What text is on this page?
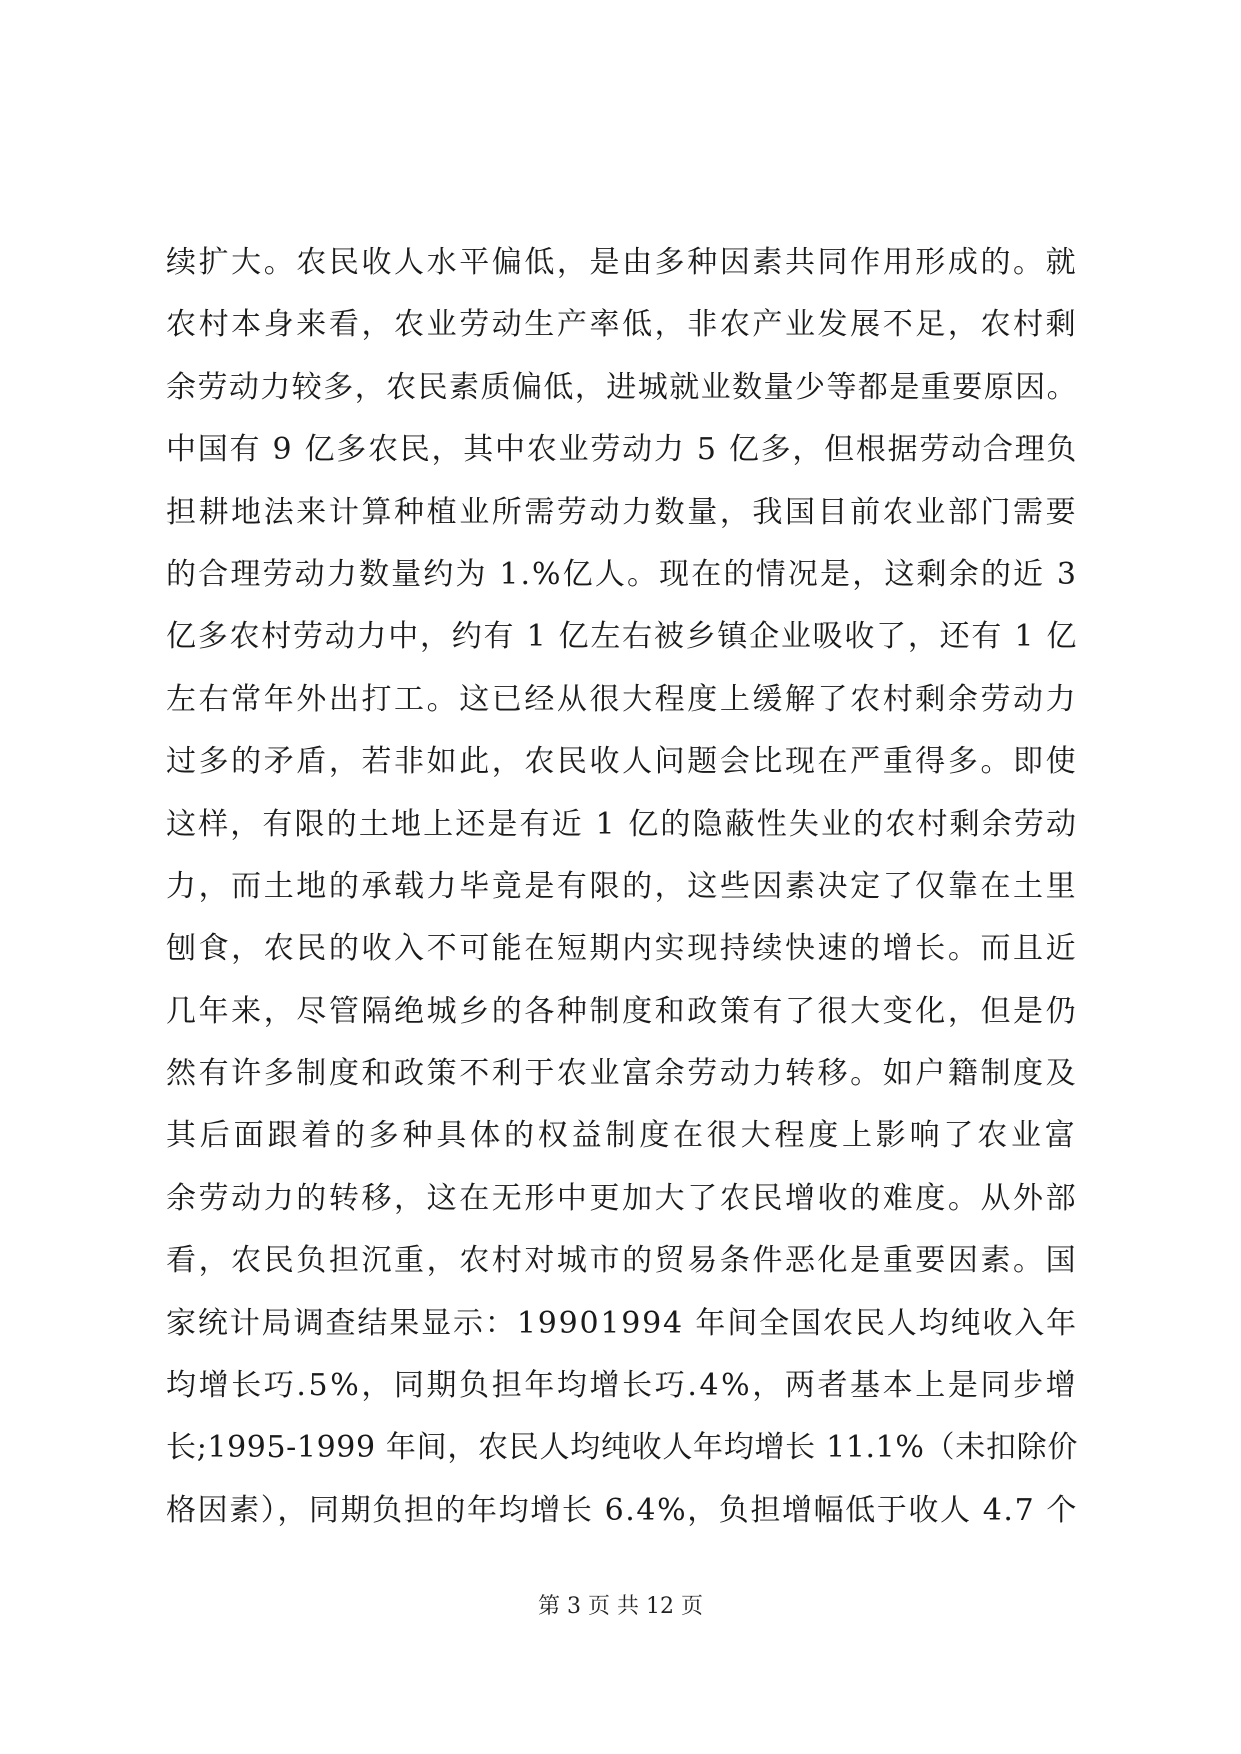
续扩大。农民收人水平偏低，是由多种因素共同作用形成的。就
农村本身来看，农业劳动生产率低，非农产业发展不足，农村剩
余劳动力较多，农民素质偏低，进城就业数量少等都是重要原因。
中国有 9 亿多农民，其中农业劳动力 5 亿多，但根据劳动合理负
担耕地法来计算种植业所需劳动力数量，我国目前农业部门需要
的合理劳动力数量约为 1.%亿人。现在的情况是，这剩余的近 3
亿多农村劳动力中，约有 1 亿左右被乡镇企业吸收了，还有 1 亿
左右常年外出打工。这已经从很大程度上缓解了农村剩余劳动力
过多的矛盾，若非如此，农民收人问题会比现在严重得多。即使
这样，有限的土地上还是有近 1 亿的隐蔽性失业的农村剩余劳动
力，而土地的承载力毕竟是有限的，这些因素决定了仅靠在土里
刨食，农民的收入不可能在短期内实现持续快速的增长。而且近
几年来，尽管隔绝城乡的各种制度和政策有了很大变化，但是仍
然有许多制度和政策不利于农业富余劳动力转移。如户籍制度及
其后面跟着的多种具体的权益制度在很大程度上影响了农业富
余劳动力的转移，这在无形中更加大了农民增收的难度。从外部
看，农民负担沉重，农村对城市的贸易条件恶化是重要因素。国
家统计局调查结果显示：19901994 年间全国农民人均纯收入年
均增长巧.5%，同期负担年均增长巧.4%，两者基本上是同步增
长;1995-1999 年间，农民人均纯收人年均增长 11.1%（未扣除价
格因素），同期负担的年均增长 6.4%，负担增幅低于收人 4.7 个
第 3 页 共 12 页
